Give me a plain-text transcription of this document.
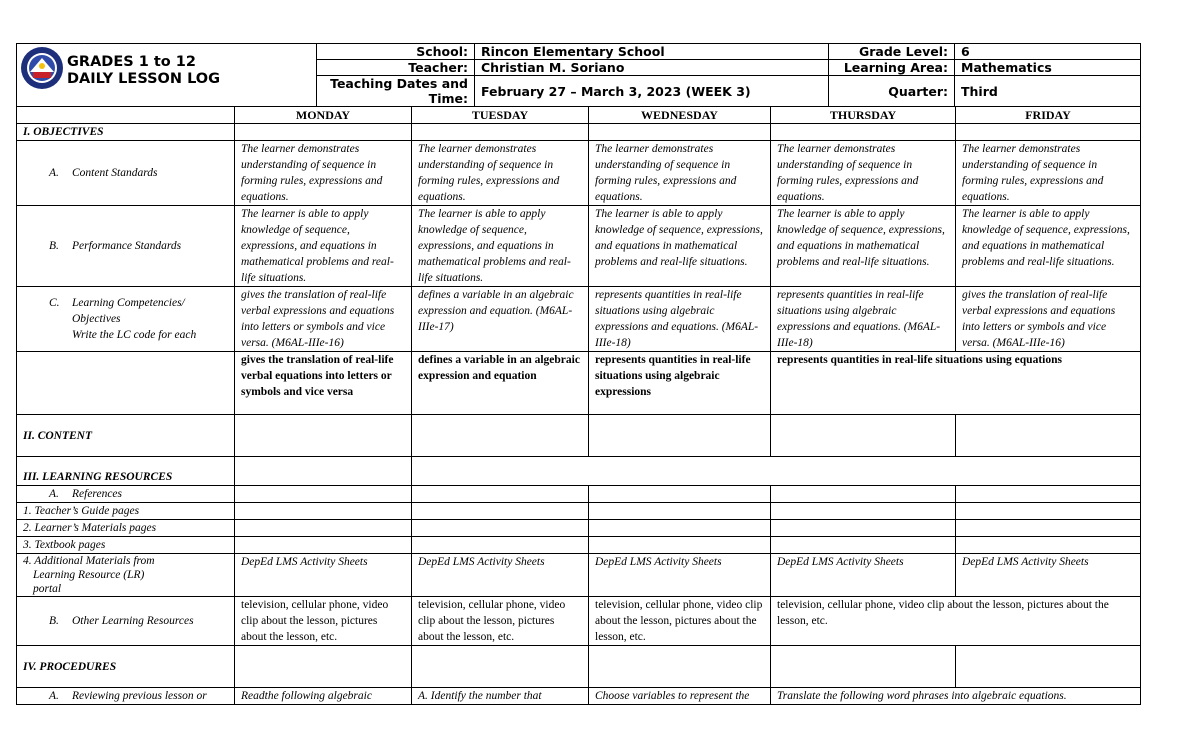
GRADES 1 to 12
DAILY LESSON LOG	School:	Rincon Elementary School	Grade Level:	6
	Teacher:	Christian M. Soriano	Learning Area:	Mathematics
	Teaching Dates and Time:	February 27 – March 3, 2023 (WEEK 3)	Quarter:	Third
	MONDAY	TUESDAY	WEDNESDAY	THURSDAY	FRIDAY
I. OBJECTIVES					

A. Content Standards	The learner demonstrates understanding of sequence in forming rules, expressions and equations.	The learner demonstrates understanding of sequence in forming rules, expressions and equations.	The learner demonstrates understanding of sequence in forming rules, expressions and equations.	The learner demonstrates understanding of sequence in forming rules, expressions and equations.	The learner demonstrates understanding of sequence in forming rules, expressions and equations.

B. Performance Standards	The learner is able to apply knowledge of sequence, expressions, and equations in mathematical problems and real-life situations.	The learner is able to apply knowledge of sequence, expressions, and equations in mathematical problems and real-life situations.	The learner is able to apply knowledge of sequence, expressions, and equations in mathematical problems and real-life situations.	The learner is able to apply knowledge of sequence, expressions, and equations in mathematical problems and real-life situations.	The learner is able to apply knowledge of sequence, expressions, and equations in mathematical problems and real-life situations.

C. Learning Competencies/
Objectives
Write the LC code for each	gives the translation of real-life verbal expressions and equations into letters or symbols and vice versa. (M6AL-IIIe-16)	defines a variable in an algebraic expression and equation. (M6AL-IIIe-17)	represents quantities in real-life situations using algebraic expressions and equations. (M6AL-IIIe-18)	represents quantities in real-life situations using algebraic expressions and equations. (M6AL-IIIe-18)	gives the translation of real-life verbal expressions and equations into letters or symbols and vice versa. (M6AL-IIIe-16)
	gives the translation of real-life verbal equations into letters or symbols and vice versa	defines a variable in an algebraic expression and equation	represents quantities in real-life situations using algebraic expressions	represents quantities in real-life situations using equations	
II. CONTENT					
III. LEARNING RESOURCES					

A. References					

1. Teacher’s Guide pages					
2. Learner’s Materials pages					
3. Textbook pages					

4. Additional Materials from
Learning Resource (LR)
portal	DepEd LMS Activity Sheets	DepEd LMS Activity Sheets	DepEd LMS Activity Sheets	DepEd LMS Activity Sheets	DepEd LMS Activity Sheets

B. Other Learning Resources	television, cellular phone, video clip about the lesson, pictures about the lesson, etc.	television, cellular phone, video clip about the lesson, pictures about the lesson, etc.	television, cellular phone, video clip about the lesson, pictures about the lesson, etc.	television, cellular phone, video clip about the lesson, pictures about the lesson, etc.	
IV. PROCEDURES					

A. Reviewing previous lesson or	Readthe following algebraic	A. Identify the number that	Choose variables to represent the	Translate the following word phrases into algebraic equations.	
